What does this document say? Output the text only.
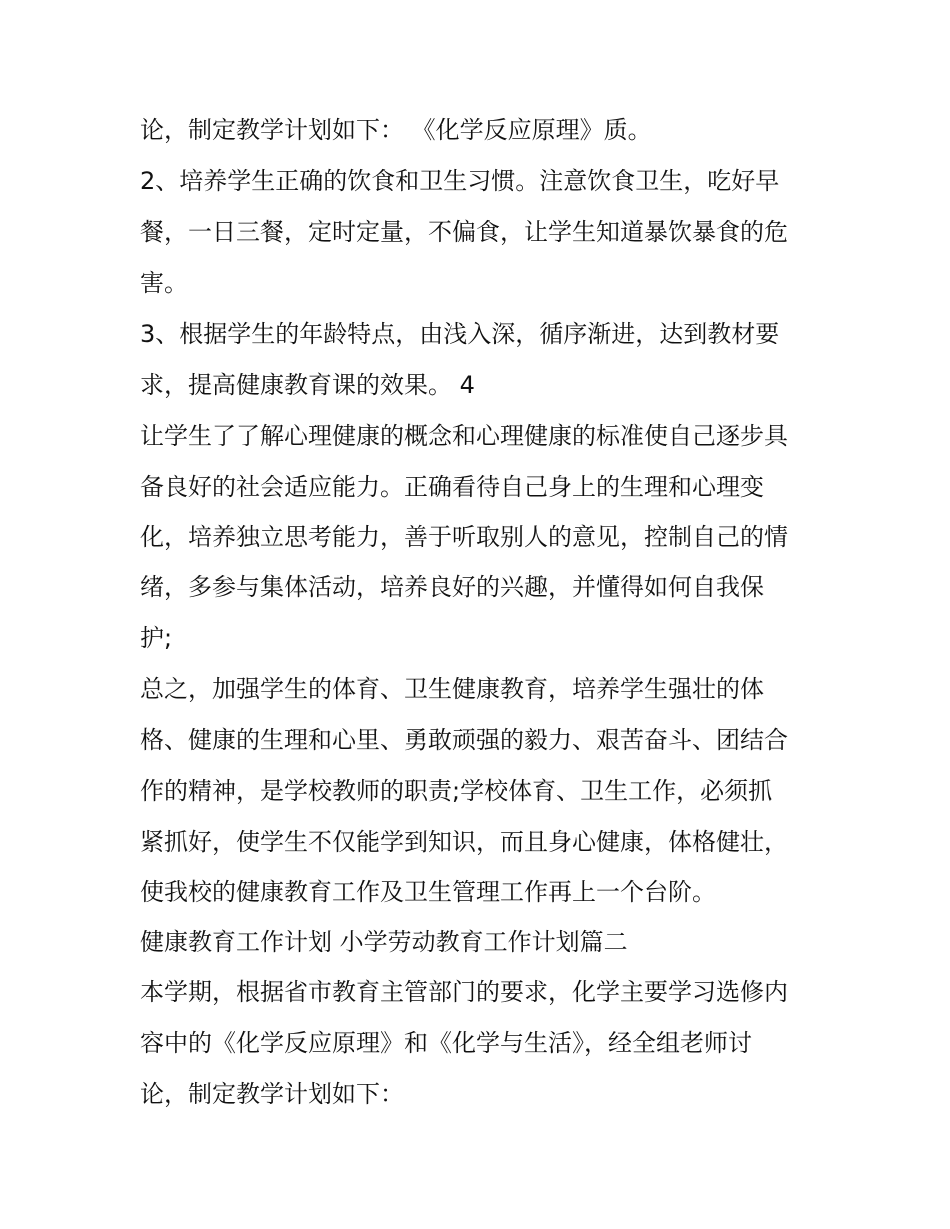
论，制定教学计划如下： 《化学反应原理》质。
2、培养学生正确的饮食和卫生习惯。注意饮食卫生，吃好早
餐，一日三餐，定时定量，不偏食，让学生知道暴饮暴食的危
害。
3、根据学生的年龄特点，由浅入深，循序渐进，达到教材要
求，提高健康教育课的效果。 4
让学生了了解心理健康的概念和心理健康的标准使自己逐步具
备良好的社会适应能力。正确看待自己身上的生理和心理变
化，培养独立思考能力，善于听取别人的意见，控制自己的情
绪，多参与集体活动，培养良好的兴趣，并懂得如何自我保
护;
总之，加强学生的体育、卫生健康教育，培养学生强壮的体
格、健康的生理和心里、勇敢顽强的毅力、艰苦奋斗、团结合
作的精神，是学校教师的职责;学校体育、卫生工作，必须抓
紧抓好，使学生不仅能学到知识，而且身心健康，体格健壮，
使我校的健康教育工作及卫生管理工作再上一个台阶。
健康教育工作计划 小学劳动教育工作计划篇二
本学期，根据省市教育主管部门的要求，化学主要学习选修内
容中的《化学反应原理》和《化学与生活》，经全组老师讨
论，制定教学计划如下：
